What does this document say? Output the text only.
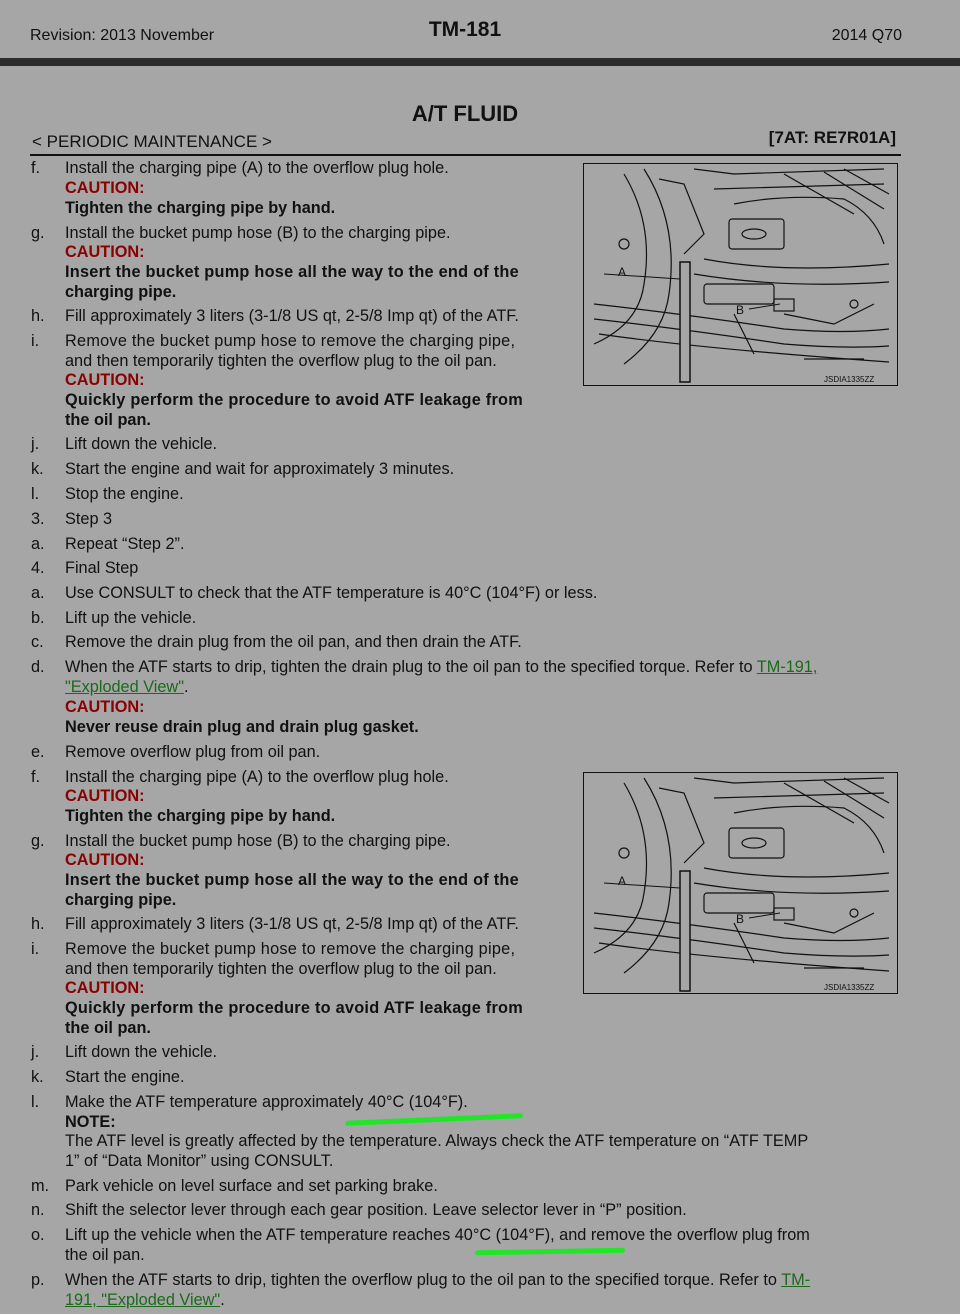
Revision: 2013 November	TM-181	2014 Q70
A/T FLUID
< PERIODIC MAINTENANCE >	[7AT: RE7R01A]
f. Install the charging pipe (A) to the overflow plug hole.
CAUTION:
Tighten the charging pipe by hand.
g. Install the bucket pump hose (B) to the charging pipe.
CAUTION:
Insert the bucket pump hose all the way to the end of the
charging pipe.
h. Fill approximately 3 liters (3-1/8 US qt, 2-5/8 Imp qt) of the ATF.
i. Remove the bucket pump hose to remove the charging pipe,
and then temporarily tighten the overflow plug to the oil pan.
CAUTION:
Quickly perform the procedure to avoid ATF leakage from
the oil pan.
j. Lift down the vehicle.
k. Start the engine and wait for approximately 3 minutes.
l. Stop the engine.
3. Step 3
a. Repeat “Step 2”.
4. Final Step
a. Use CONSULT to check that the ATF temperature is 40°C (104°F) or less.
b. Lift up the vehicle.
c. Remove the drain plug from the oil pan, and then drain the ATF.
d. When the ATF starts to drip, tighten the drain plug to the oil pan to the specified torque. Refer to TM-191,
"Exploded View".
CAUTION:
Never reuse drain plug and drain plug gasket.
e. Remove overflow plug from oil pan.
f. Install the charging pipe (A) to the overflow plug hole.
CAUTION:
Tighten the charging pipe by hand.
g. Install the bucket pump hose (B) to the charging pipe.
CAUTION:
Insert the bucket pump hose all the way to the end of the
charging pipe.
h. Fill approximately 3 liters (3-1/8 US qt, 2-5/8 Imp qt) of the ATF.
i. Remove the bucket pump hose to remove the charging pipe,
and then temporarily tighten the overflow plug to the oil pan.
CAUTION:
Quickly perform the procedure to avoid ATF leakage from
the oil pan.
j. Lift down the vehicle.
k. Start the engine.
l. Make the ATF temperature approximately 40°C (104°F).
NOTE:
The ATF level is greatly affected by the temperature. Always check the ATF temperature on “ATF TEMP
1” of “Data Monitor” using CONSULT.
m. Park vehicle on level surface and set parking brake.
n. Shift the selector lever through each gear position. Leave selector lever in “P” position.
o. Lift up the vehicle when the ATF temperature reaches 40°C (104°F), and remove the overflow plug from
the oil pan.
p. When the ATF starts to drip, tighten the overflow plug to the oil pan to the specified torque. Refer to TM-
191, "Exploded View".
A
B
JSDIA1335ZZ
A
B
JSDIA1335ZZ
